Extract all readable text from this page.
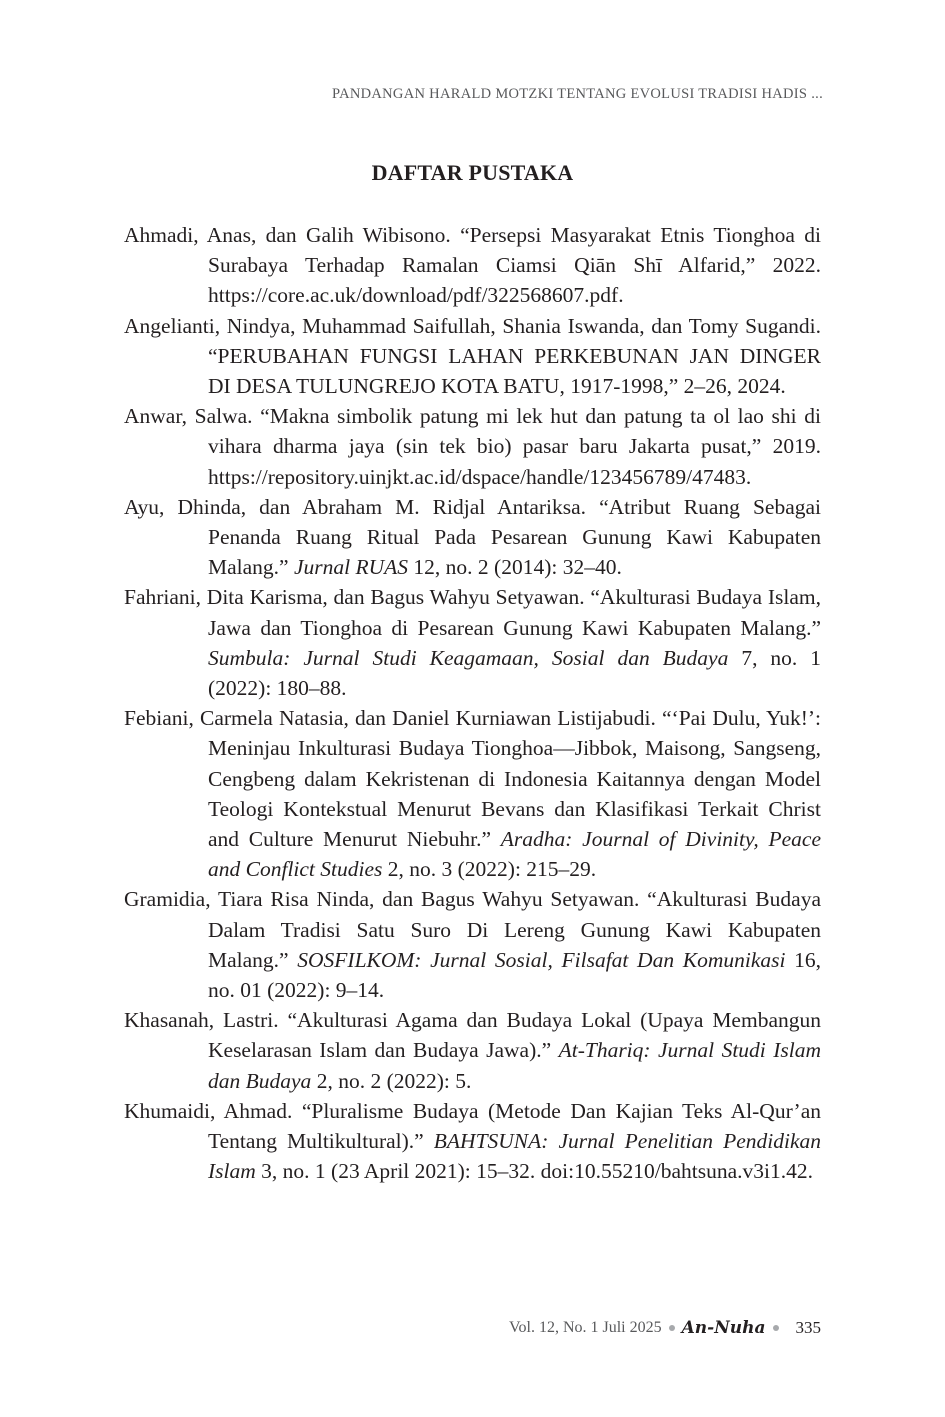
PANDANGAN HARALD MOTZKI TENTANG EVOLUSI TRADISI HADIS ...
DAFTAR PUSTAKA

Ahmadi, Anas, dan Galih Wibisono. “Persepsi Masyarakat Etnis Tionghoa di Surabaya Terhadap Ramalan Ciamsi Qiān Shī Alfarid,” 2022. https://core.ac.uk/download/pdf/322568607.pdf.

Angelianti, Nindya, Muhammad Saifullah, Shania Iswanda, dan Tomy Sugandi. “PERUBAHAN FUNGSI LAHAN PERKEBUNAN JAN DINGER DI DESA TULUNGREJO KOTA BATU, 1917-1998,” 2–26, 2024.

Anwar, Salwa. “Makna simbolik patung mi lek hut dan patung ta ol lao shi di vihara dharma jaya (sin tek bio) pasar baru Jakarta pusat,” 2019. https://repository.uinjkt.ac.id/dspace/handle/123456789/47483.

Ayu, Dhinda, dan Abraham M. Ridjal Antariksa. “Atribut Ruang Sebagai Penanda Ruang Ritual Pada Pesarean Gunung Kawi Kabupaten Malang.” Jurnal RUAS 12, no. 2 (2014): 32–40.

Fahriani, Dita Karisma, dan Bagus Wahyu Setyawan. “Akulturasi Budaya Islam, Jawa dan Tionghoa di Pesarean Gunung Kawi Kabupaten Malang.” Sumbula: Jurnal Studi Keagamaan, Sosial dan Budaya 7, no. 1 (2022): 180–88.

Febiani, Carmela Natasia, dan Daniel Kurniawan Listijabudi. “‘Pai Dulu, Yuk!’: Meninjau Inkulturasi Budaya Tionghoa—Jibbok, Maisong, Sangseng, Cengbeng dalam Kekristenan di Indonesia Kaitannya dengan Model Teologi Kontekstual Menurut Bevans dan Klasifikasi Terkait Christ and Culture Menurut Niebuhr.” Aradha: Journal of Divinity, Peace and Conflict Studies 2, no. 3 (2022): 215–29.

Gramidia, Tiara Risa Ninda, dan Bagus Wahyu Setyawan. “Akulturasi Budaya Dalam Tradisi Satu Suro Di Lereng Gunung Kawi Kabupaten Malang.” SOSFILKOM: Jurnal Sosial, Filsafat Dan Komunikasi 16, no. 01 (2022): 9–14.

Khasanah, Lastri. “Akulturasi Agama dan Budaya Lokal (Upaya Membangun Keselarasan Islam dan Budaya Jawa).” At-Thariq: Jurnal Studi Islam dan Budaya 2, no. 2 (2022): 5.

Khumaidi, Ahmad. “Pluralisme Budaya (Metode Dan Kajian Teks Al-Qur’an Tentang Multikultural).” BAHTSUNA: Jurnal Penelitian Pendidikan Islam 3, no. 1 (23 April 2021): 15–32. doi:10.55210/bahtsuna.v3i1.42.

Vol. 12, No. 1 Juli 2025 An-Nuha 335
